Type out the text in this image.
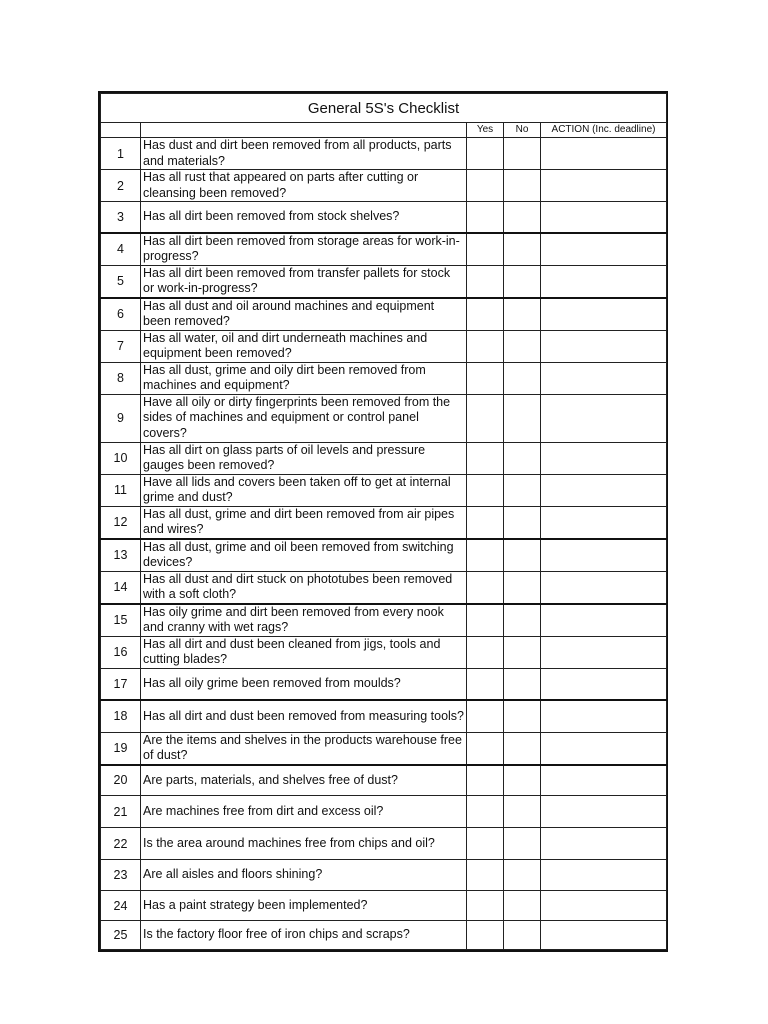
General 5S's Checklist				
		Yes	No	ACTION (Inc. deadline)
1	Has dust and dirt been removed from all products, parts and materials?			
2	Has all rust that appeared on parts after cutting or cleansing been removed?			
3	Has all dirt been removed from stock shelves?			
4	Has all dirt been removed from storage areas for work-in-progress?			
5	Has all dirt been removed from transfer pallets for stock or work-in-progress?			
6	Has all dust and oil around machines and equipment been removed?			
7	Has all water, oil and dirt underneath machines and equipment been removed?			
8	Has all dust, grime and oily dirt been removed from machines and equipment?			
9	Have all oily or dirty fingerprints been removed from the sides of machines and equipment or control panel covers?			
10	Has all dirt on glass parts of oil levels and pressure gauges been removed?			
11	Have all lids and covers been taken off to get at internal grime and dust?			
12	Has all dust, grime and dirt been removed from air pipes and wires?			
13	Has all dust, grime and oil been removed from switching devices?			
14	Has all dust and dirt stuck on phototubes been removed with a soft cloth?			
15	Has oily grime and dirt been removed from every nook and cranny with wet rags?			
16	Has all dirt and dust been cleaned from jigs, tools and cutting blades?			
17	Has all oily grime been removed from moulds?			
18	Has all dirt and dust been removed from measuring tools?			
19	Are the items and shelves in the products warehouse free of dust?			
20	Are parts, materials, and shelves free of dust?			
21	Are machines free from dirt and excess oil?			
22	Is the area around machines free from chips and oil?			
23	Are all aisles and floors shining?			
24	Has a paint strategy been implemented?			
25	Is the factory floor free of iron chips and scraps?			
